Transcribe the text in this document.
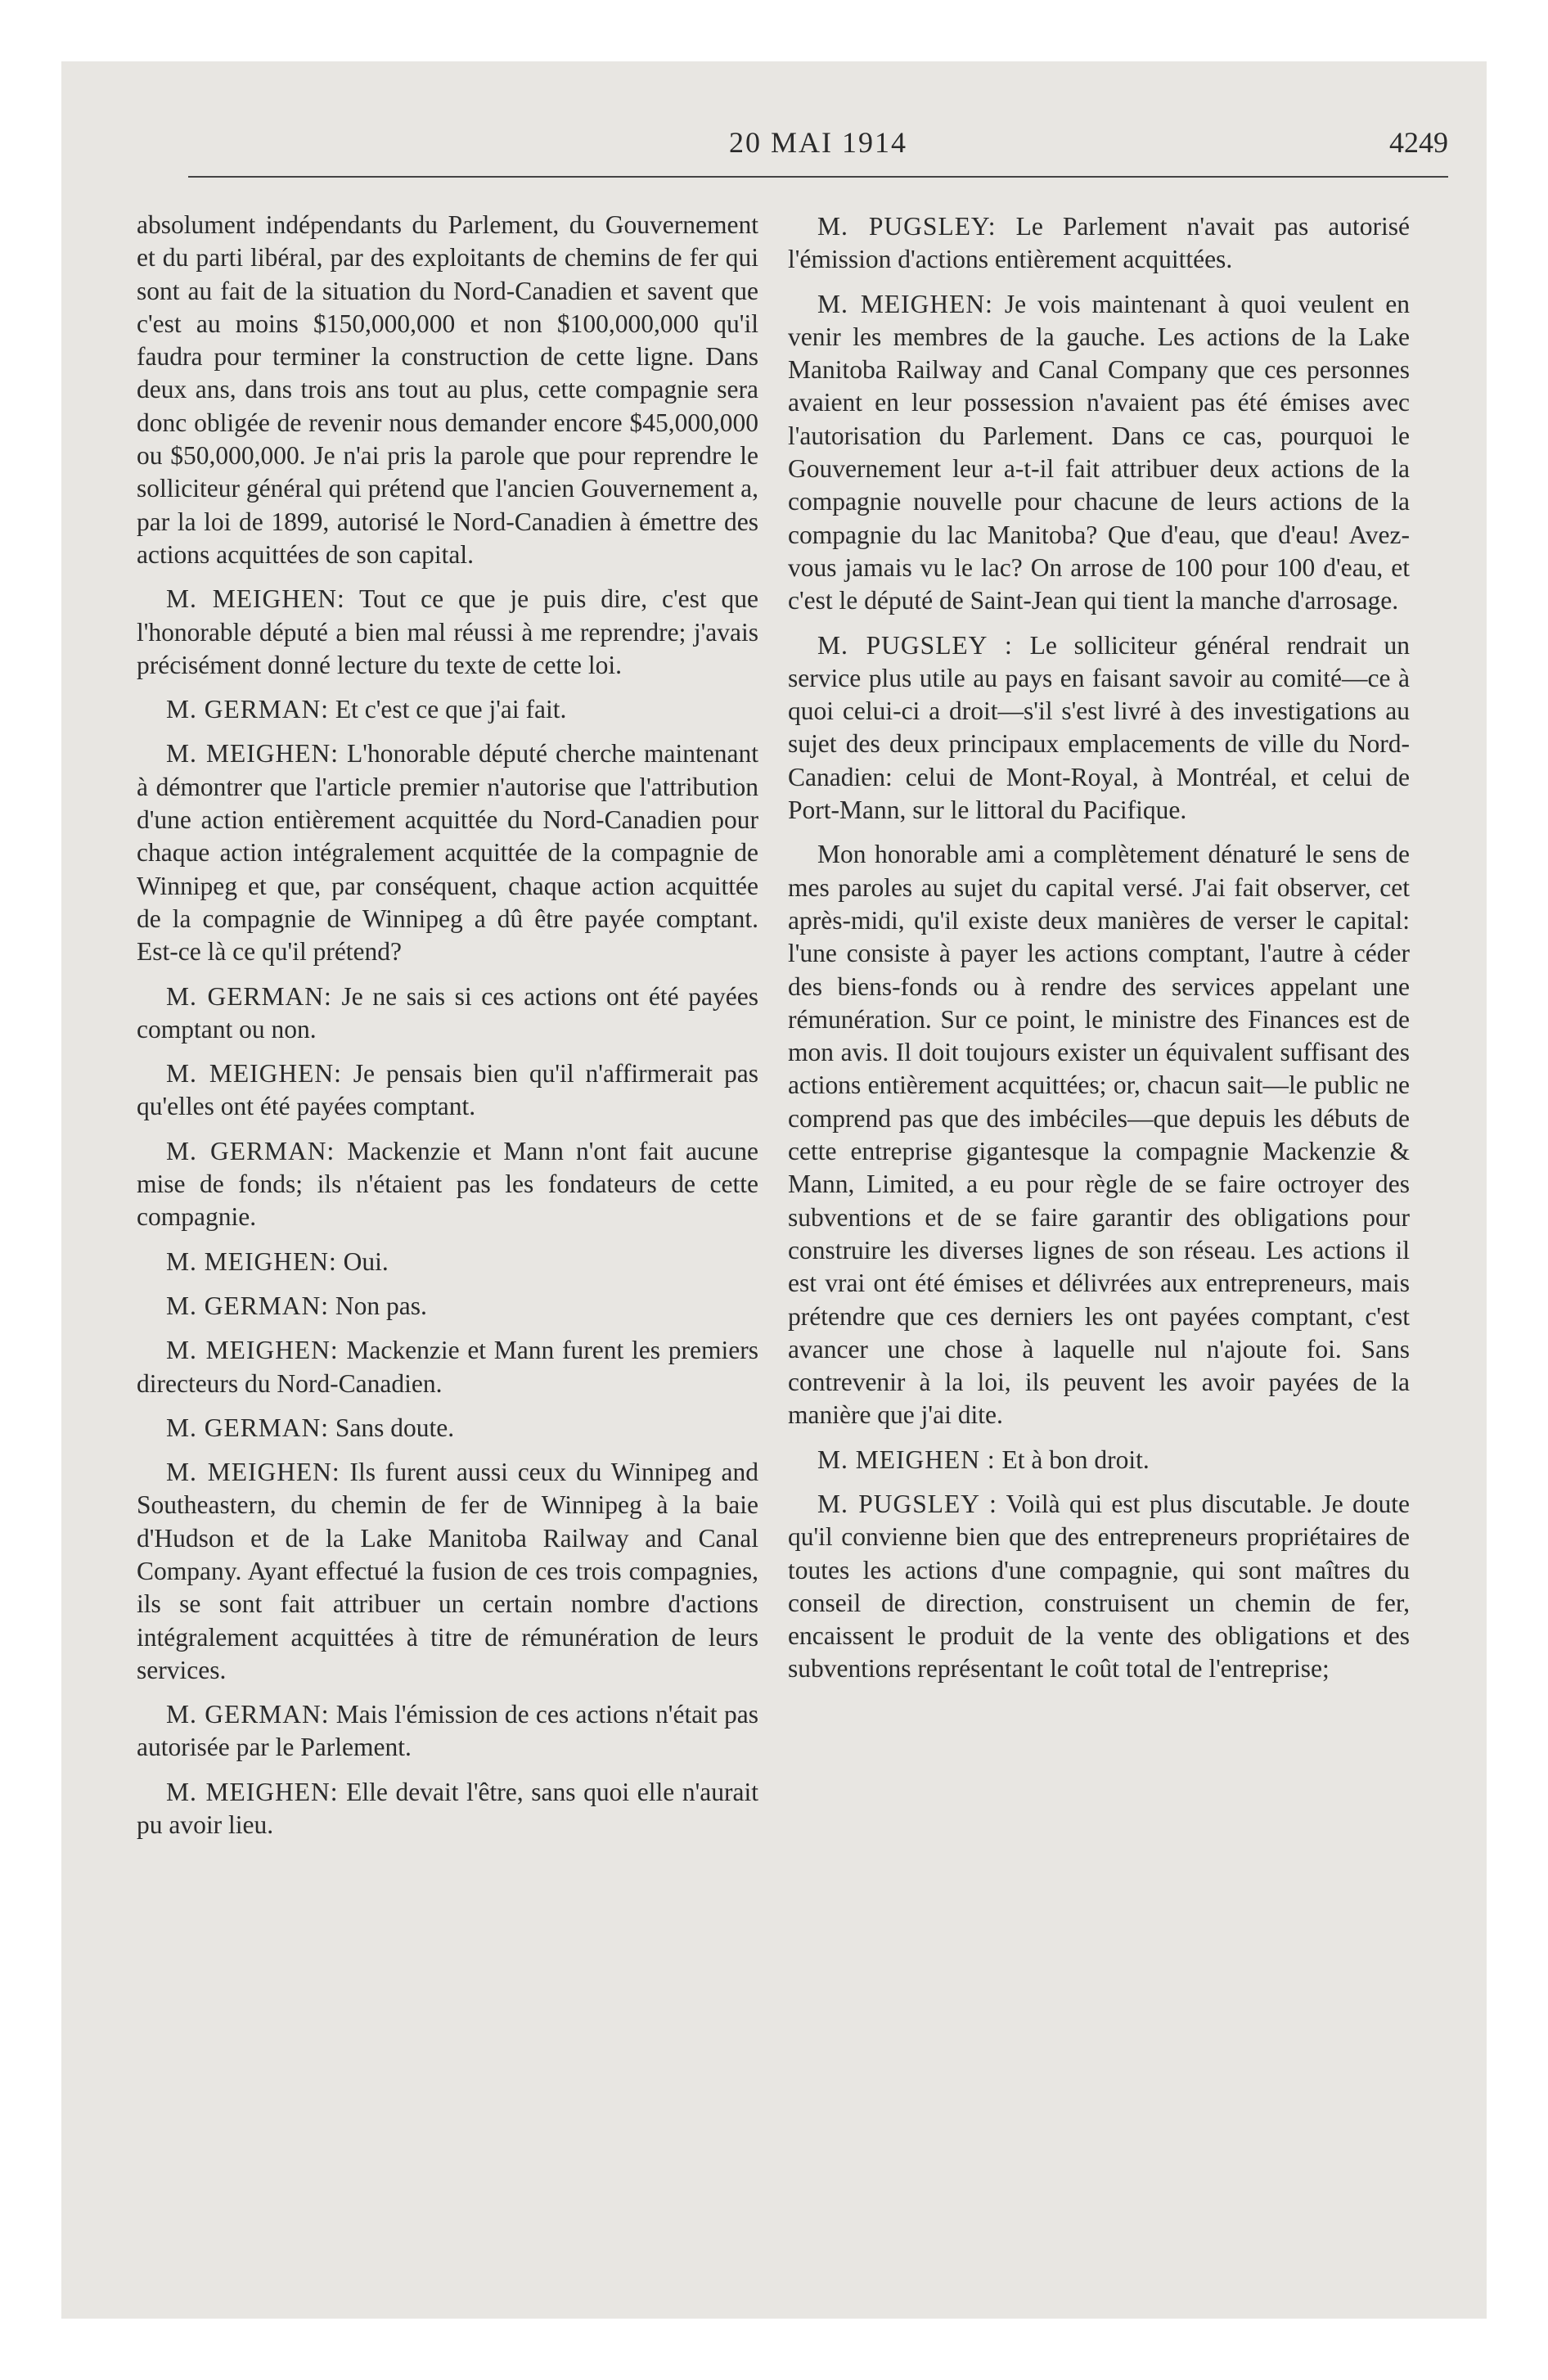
20 MAI 1914	4249

absolument indépendants du Parlement, du Gouvernement et du parti libéral, par des exploitants de chemins de fer qui sont au fait de la situation du Nord-Canadien et savent que c'est au moins $150,000,000 et non $100,000,000 qu'il faudra pour terminer la construction de cette ligne. Dans deux ans, dans trois ans tout au plus, cette compagnie sera donc obligée de revenir nous demander encore $45,000,000 ou $50,000,000. Je n'ai pris la parole que pour reprendre le solliciteur général qui prétend que l'ancien Gouvernement a, par la loi de 1899, autorisé le Nord-Canadien à émettre des actions acquittées de son capital.

M. MEIGHEN: Tout ce que je puis dire, c'est que l'honorable député a bien mal réussi à me reprendre; j'avais précisément donné lecture du texte de cette loi.

M. GERMAN: Et c'est ce que j'ai fait.

M. MEIGHEN: L'honorable député cherche maintenant à démontrer que l'article premier n'autorise que l'attribution d'une action entièrement acquittée du Nord-Canadien pour chaque action intégralement acquittée de la compagnie de Winnipeg et que, par conséquent, chaque action acquittée de la compagnie de Winnipeg a dû être payée comptant. Est-ce là ce qu'il prétend?

M. GERMAN: Je ne sais si ces actions ont été payées comptant ou non.

M. MEIGHEN: Je pensais bien qu'il n'affirmerait pas qu'elles ont été payées comptant.

M. GERMAN: Mackenzie et Mann n'ont fait aucune mise de fonds; ils n'étaient pas les fondateurs de cette compagnie.

M. MEIGHEN: Oui.

M. GERMAN: Non pas.

M. MEIGHEN: Mackenzie et Mann furent les premiers directeurs du Nord-Canadien.

M. GERMAN: Sans doute.

M. MEIGHEN: Ils furent aussi ceux du Winnipeg and Southeastern, du chemin de fer de Winnipeg à la baie d'Hudson et de la Lake Manitoba Railway and Canal Company. Ayant effectué la fusion de ces trois compagnies, ils se sont fait attribuer un certain nombre d'actions intégralement acquittées à titre de rémunération de leurs services.

M. GERMAN: Mais l'émission de ces actions n'était pas autorisée par le Parlement.

M. MEIGHEN: Elle devait l'être, sans quoi elle n'aurait pu avoir lieu.

M. PUGSLEY: Le Parlement n'avait pas autorisé l'émission d'actions entièrement acquittées.

M. MEIGHEN: Je vois maintenant à quoi veulent en venir les membres de la gauche. Les actions de la Lake Manitoba Railway and Canal Company que ces personnes avaient en leur possession n'avaient pas été émises avec l'autorisation du Parlement. Dans ce cas, pourquoi le Gouvernement leur a-t-il fait attribuer deux actions de la compagnie nouvelle pour chacune de leurs actions de la compagnie du lac Manitoba? Que d'eau, que d'eau! Avez-vous jamais vu le lac? On arrose de 100 pour 100 d'eau, et c'est le député de Saint-Jean qui tient la manche d'arrosage.

M. PUGSLEY : Le solliciteur général rendrait un service plus utile au pays en faisant savoir au comité—ce à quoi celui-ci a droit—s'il s'est livré à des investigations au sujet des deux principaux emplacements de ville du Nord-Canadien: celui de Mont-Royal, à Montréal, et celui de Port-Mann, sur le littoral du Pacifique.

Mon honorable ami a complètement dénaturé le sens de mes paroles au sujet du capital versé. J'ai fait observer, cet après-midi, qu'il existe deux manières de verser le capital: l'une consiste à payer les actions comptant, l'autre à céder des biens-fonds ou à rendre des services appelant une rémunération. Sur ce point, le ministre des Finances est de mon avis. Il doit toujours exister un équivalent suffisant des actions entièrement acquittées; or, chacun sait—le public ne comprend pas que des imbéciles—que depuis les débuts de cette entreprise gigantesque la compagnie Mackenzie & Mann, Limited, a eu pour règle de se faire octroyer des subventions et de se faire garantir des obligations pour construire les diverses lignes de son réseau. Les actions il est vrai ont été émises et délivrées aux entrepreneurs, mais prétendre que ces derniers les ont payées comptant, c'est avancer une chose à laquelle nul n'ajoute foi. Sans contrevenir à la loi, ils peuvent les avoir payées de la manière que j'ai dite.

M. MEIGHEN : Et à bon droit.

M. PUGSLEY : Voilà qui est plus discutable. Je doute qu'il convienne bien que des entrepreneurs propriétaires de toutes les actions d'une compagnie, qui sont maîtres du conseil de direction, construisent un chemin de fer, encaissent le produit de la vente des obligations et des subventions représentant le coût total de l'entreprise;
